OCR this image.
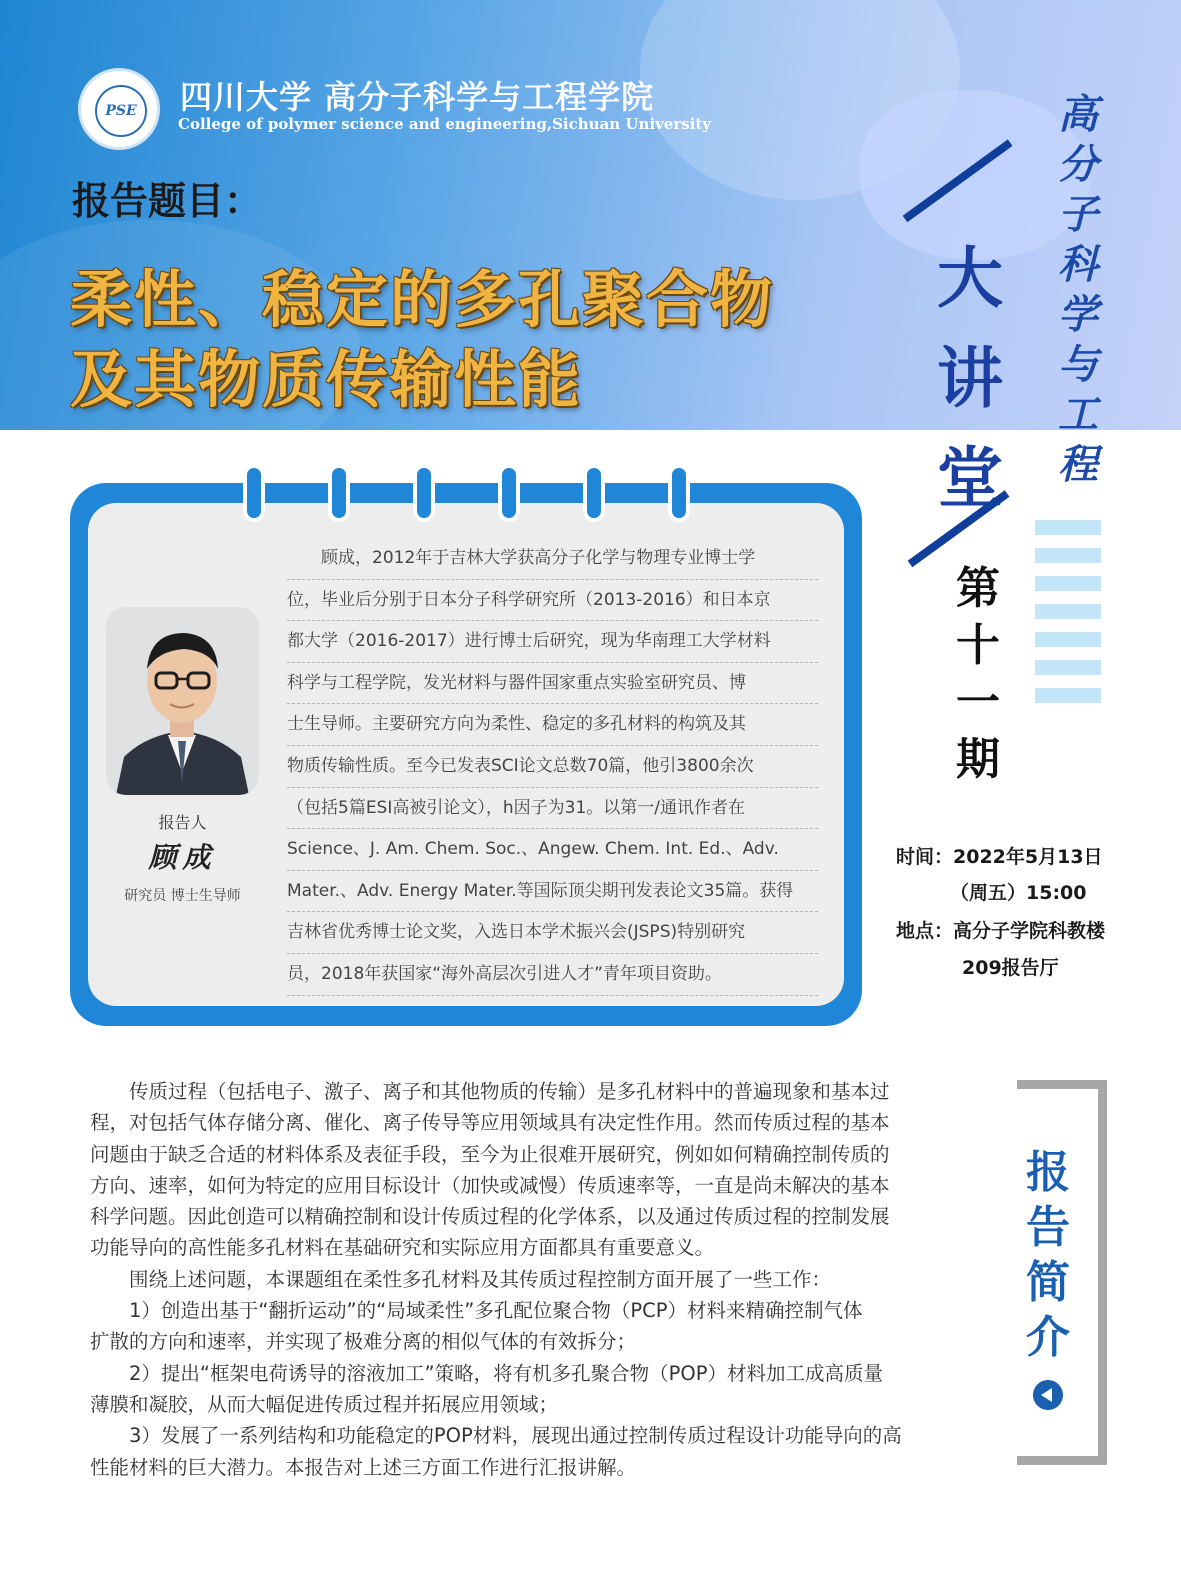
PSE	四川大学 高分子科学与工程学院
College of polymer science and engineering,Sichuan University
报告题目：
柔性、稳定的多孔聚合物
及其物质传输性能
高
分
子
科
学
与
工
程
大
讲
堂
第
十
一
期
报告人
顾成
研究员 博士生导师
　　顾成，2012年于吉林大学获高分子化学与物理专业博士学
位，毕业后分别于日本分子科学研究所（2013-2016）和日本京
都大学（2016-2017）进行博士后研究，现为华南理工大学材料
科学与工程学院，发光材料与器件国家重点实验室研究员、博
士生导师。主要研究方向为柔性、稳定的多孔材料的构筑及其
物质传输性质。至今已发表SCI论文总数70篇，他引3800余次
（包括5篇ESI高被引论文），h因子为31。以第一/通讯作者在
Science、J. Am. Chem. Soc.、Angew. Chem. Int. Ed.、Adv.
Mater.、Adv. Energy Mater.等国际顶尖期刊发表论文35篇。获得
吉林省优秀博士论文奖，入选日本学术振兴会(JSPS)特别研究
员，2018年获国家“海外高层次引进人才”青年项目资助。
时间：2022年5月13日
（周五）15:00
地点：高分子学院科教楼
209报告厅
　　传质过程（包括电子、激子、离子和其他物质的传输）是多孔材料中的普遍现象和基本过
程，对包括气体存储分离、催化、离子传导等应用领域具有决定性作用。然而传质过程的基本
问题由于缺乏合适的材料体系及表征手段，至今为止很难开展研究，例如如何精确控制传质的
方向、速率，如何为特定的应用目标设计（加快或减慢）传质速率等，一直是尚未解决的基本
科学问题。因此创造可以精确控制和设计传质过程的化学体系，以及通过传质过程的控制发展
功能导向的高性能多孔材料在基础研究和实际应用方面都具有重要意义。
　　围绕上述问题，本课题组在柔性多孔材料及其传质过程控制方面开展了一些工作：
　　1）创造出基于“翻折运动”的“局域柔性”多孔配位聚合物（PCP）材料来精确控制气体
扩散的方向和速率，并实现了极难分离的相似气体的有效拆分；
　　2）提出“框架电荷诱导的溶液加工”策略，将有机多孔聚合物（POP）材料加工成高质量
薄膜和凝胶，从而大幅促进传质过程并拓展应用领域；
　　3）发展了一系列结构和功能稳定的POP材料，展现出通过控制传质过程设计功能导向的高
性能材料的巨大潜力。本报告对上述三方面工作进行汇报讲解。
报
告
简
介
